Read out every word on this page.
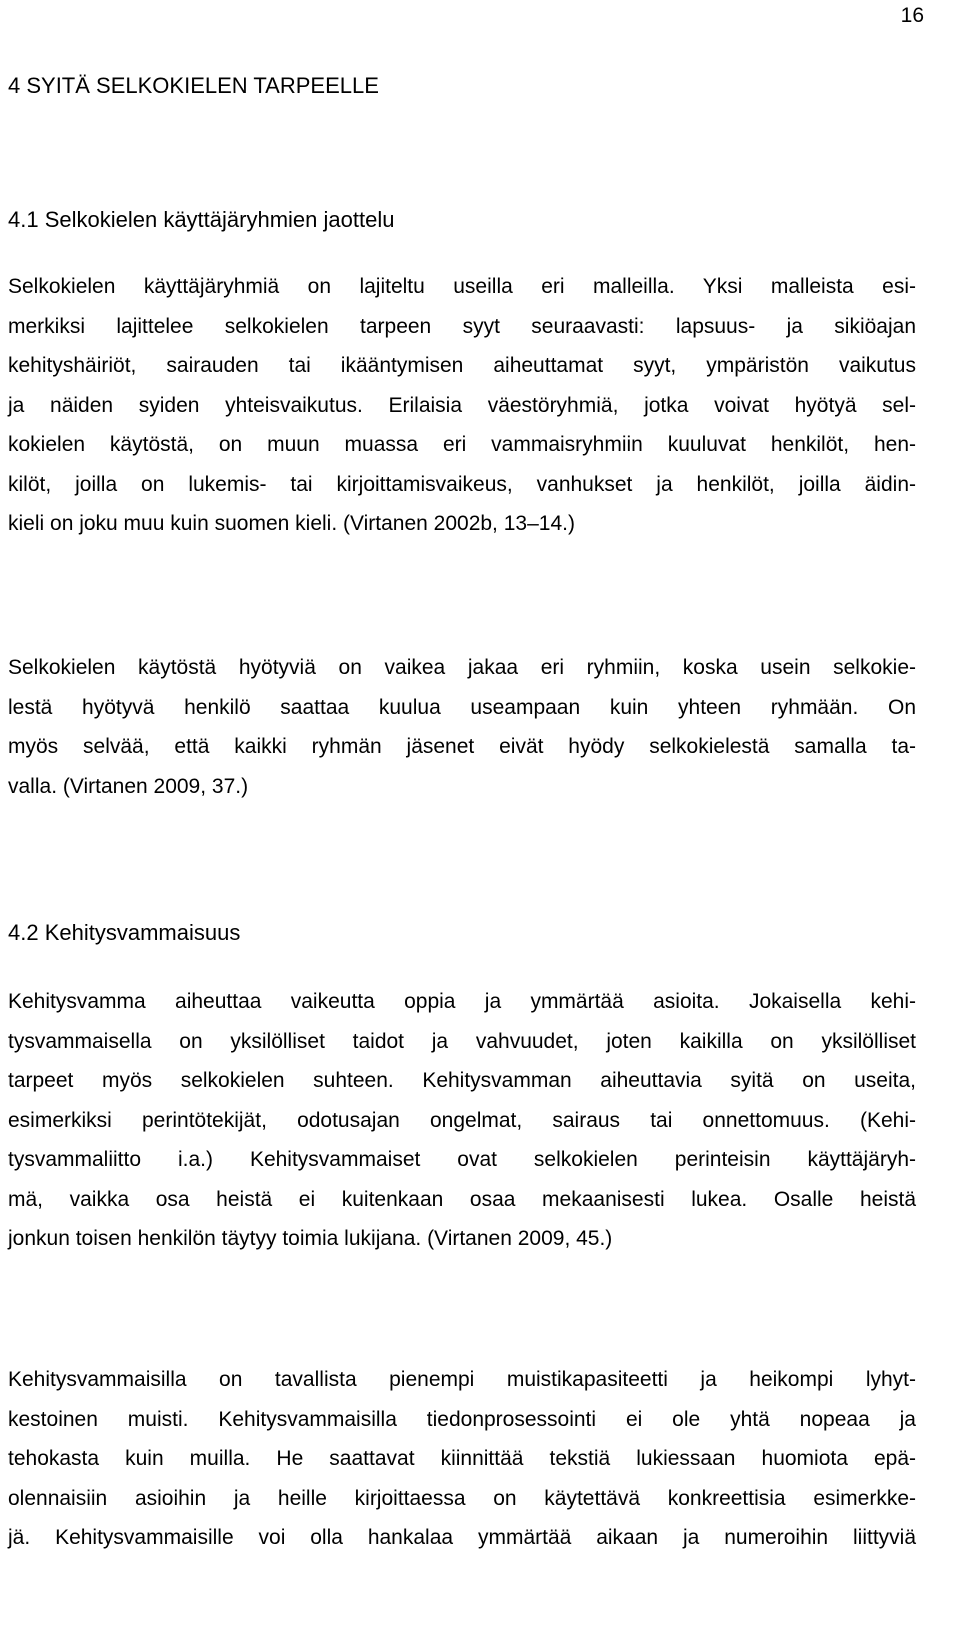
16
4 SYITÄ SELKOKIELEN TARPEELLE
4.1 Selkokielen käyttäjäryhmien jaottelu
Selkokielen käyttäjäryhmiä on lajiteltu useilla eri malleilla. Yksi malleista esi-
merkiksi lajittelee selkokielen tarpeen syyt seuraavasti: lapsuus- ja sikiöajan
kehityshäiriöt, sairauden tai ikääntymisen aiheuttamat syyt, ympäristön vaikutus
ja näiden syiden yhteisvaikutus. Erilaisia väestöryhmiä, jotka voivat hyötyä sel-
kokielen käytöstä, on muun muassa eri vammaisryhmiin kuuluvat henkilöt, hen-
kilöt, joilla on lukemis- tai kirjoittamisvaikeus, vanhukset ja henkilöt, joilla äidin-
kieli on joku muu kuin suomen kieli. (Virtanen 2002b, 13–14.)
Selkokielen käytöstä hyötyviä on vaikea jakaa eri ryhmiin, koska usein selkokie-
lestä hyötyvä henkilö saattaa kuulua useampaan kuin yhteen ryhmään. On
myös selvää, että kaikki ryhmän jäsenet eivät hyödy selkokielestä samalla ta-
valla. (Virtanen 2009, 37.)
4.2 Kehitysvammaisuus
Kehitysvamma aiheuttaa vaikeutta oppia ja ymmärtää asioita. Jokaisella kehi-
tysvammaisella on yksilölliset taidot ja vahvuudet, joten kaikilla on yksilölliset
tarpeet myös selkokielen suhteen. Kehitysvamman aiheuttavia syitä on useita,
esimerkiksi perintötekijät, odotusajan ongelmat, sairaus tai onnettomuus. (Kehi-
tysvammaliitto i.a.) Kehitysvammaiset ovat selkokielen perinteisin käyttäjäryh-
mä, vaikka osa heistä ei kuitenkaan osaa mekaanisesti lukea. Osalle heistä
jonkun toisen henkilön täytyy toimia lukijana. (Virtanen 2009, 45.)
Kehitysvammaisilla on tavallista pienempi muistikapasiteetti ja heikompi lyhyt-
kestoinen muisti. Kehitysvammaisilla tiedonprosessointi ei ole yhtä nopeaa ja
tehokasta kuin muilla. He saattavat kiinnittää tekstiä lukiessaan huomiota epä-
olennaisiin asioihin ja heille kirjoittaessa on käytettävä konkreettisia esimerkke-
jä. Kehitysvammaisille voi olla hankalaa ymmärtää aikaan ja numeroihin liittyviä
